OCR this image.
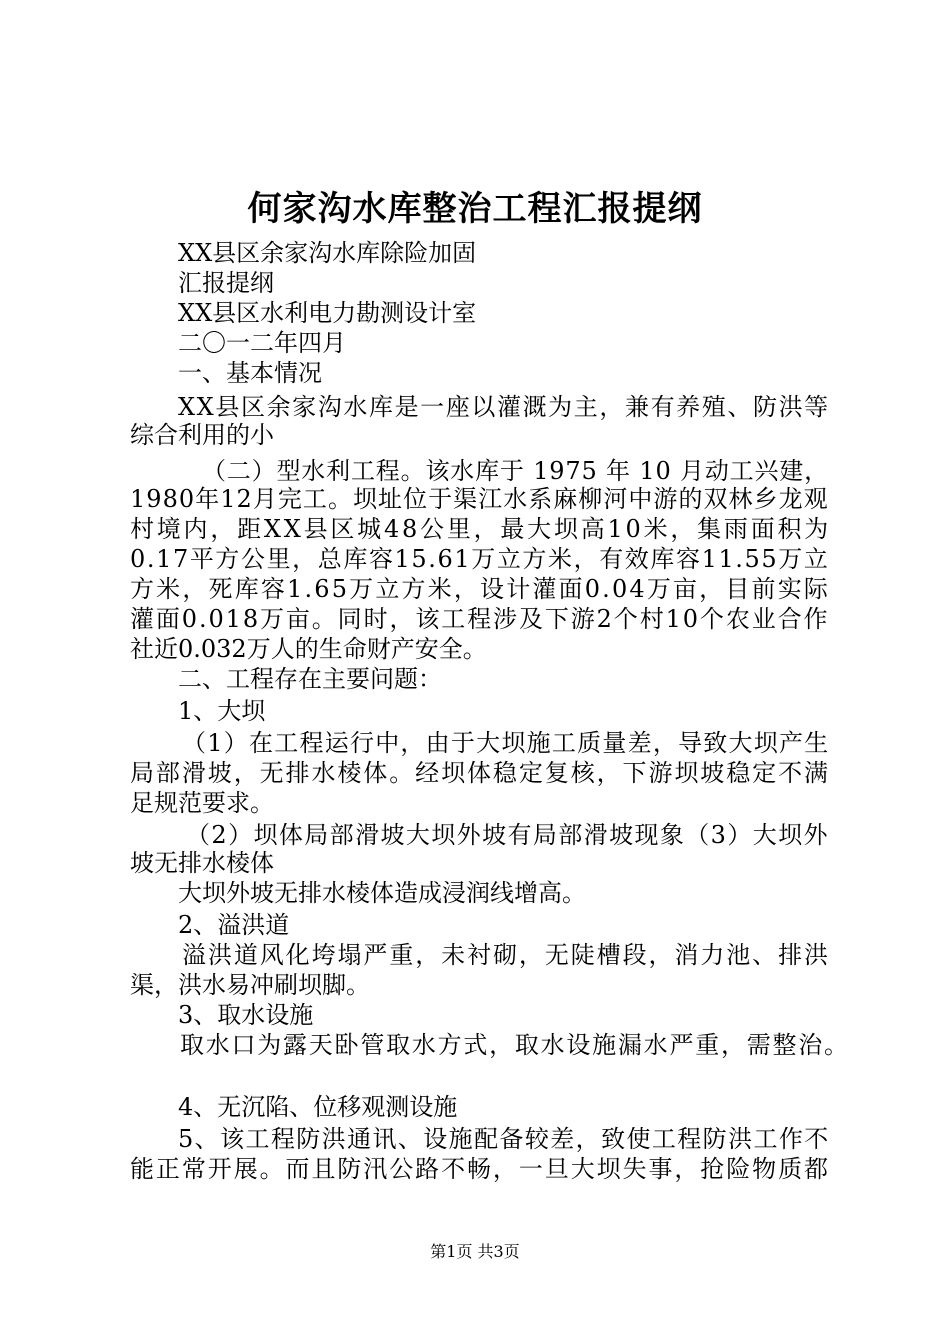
何家沟水库整治工程汇报提纲
XX县区余家沟水库除险加固
汇报提纲
XX县区水利电力勘测设计室
二〇一二年四月
一、基本情况
XX县区余家沟水库是一座以灌溉为主，兼有养殖、防洪等
综合利用的小
（二）型水利工程。该水库于 1975 年 10 月动工兴建，
1980年12月完工。坝址位于渠江水系麻柳河中游的双林乡龙观
村境内，距XX县区城48公里，最大坝高10米，集雨面积为
0.17平方公里，总库容15.61万立方米，有效库容11.55万立
方米，死库容1.65万立方米，设计灌面0.04万亩，目前实际
灌面0.018万亩。同时，该工程涉及下游2个村10个农业合作
社近0.032万人的生命财产安全。
二、工程存在主要问题：
1、大坝
（1）在工程运行中，由于大坝施工质量差，导致大坝产生
局部滑坡，无排水棱体。经坝体稳定复核，下游坝坡稳定不满
足规范要求。
（2）坝体局部滑坡大坝外坡有局部滑坡现象（3）大坝外
坡无排水棱体
大坝外坡无排水棱体造成浸润线增高。
2、溢洪道
溢洪道风化垮塌严重，未衬砌，无陡槽段，消力池、排洪
渠，洪水易冲刷坝脚。
3、取水设施
取水口为露天卧管取水方式，取水设施漏水严重，需整治。
4、无沉陷、位移观测设施
5、该工程防洪通讯、设施配备较差，致使工程防洪工作不
能正常开展。而且防汛公路不畅，一旦大坝失事，抢险物质都
第1页 共3页
